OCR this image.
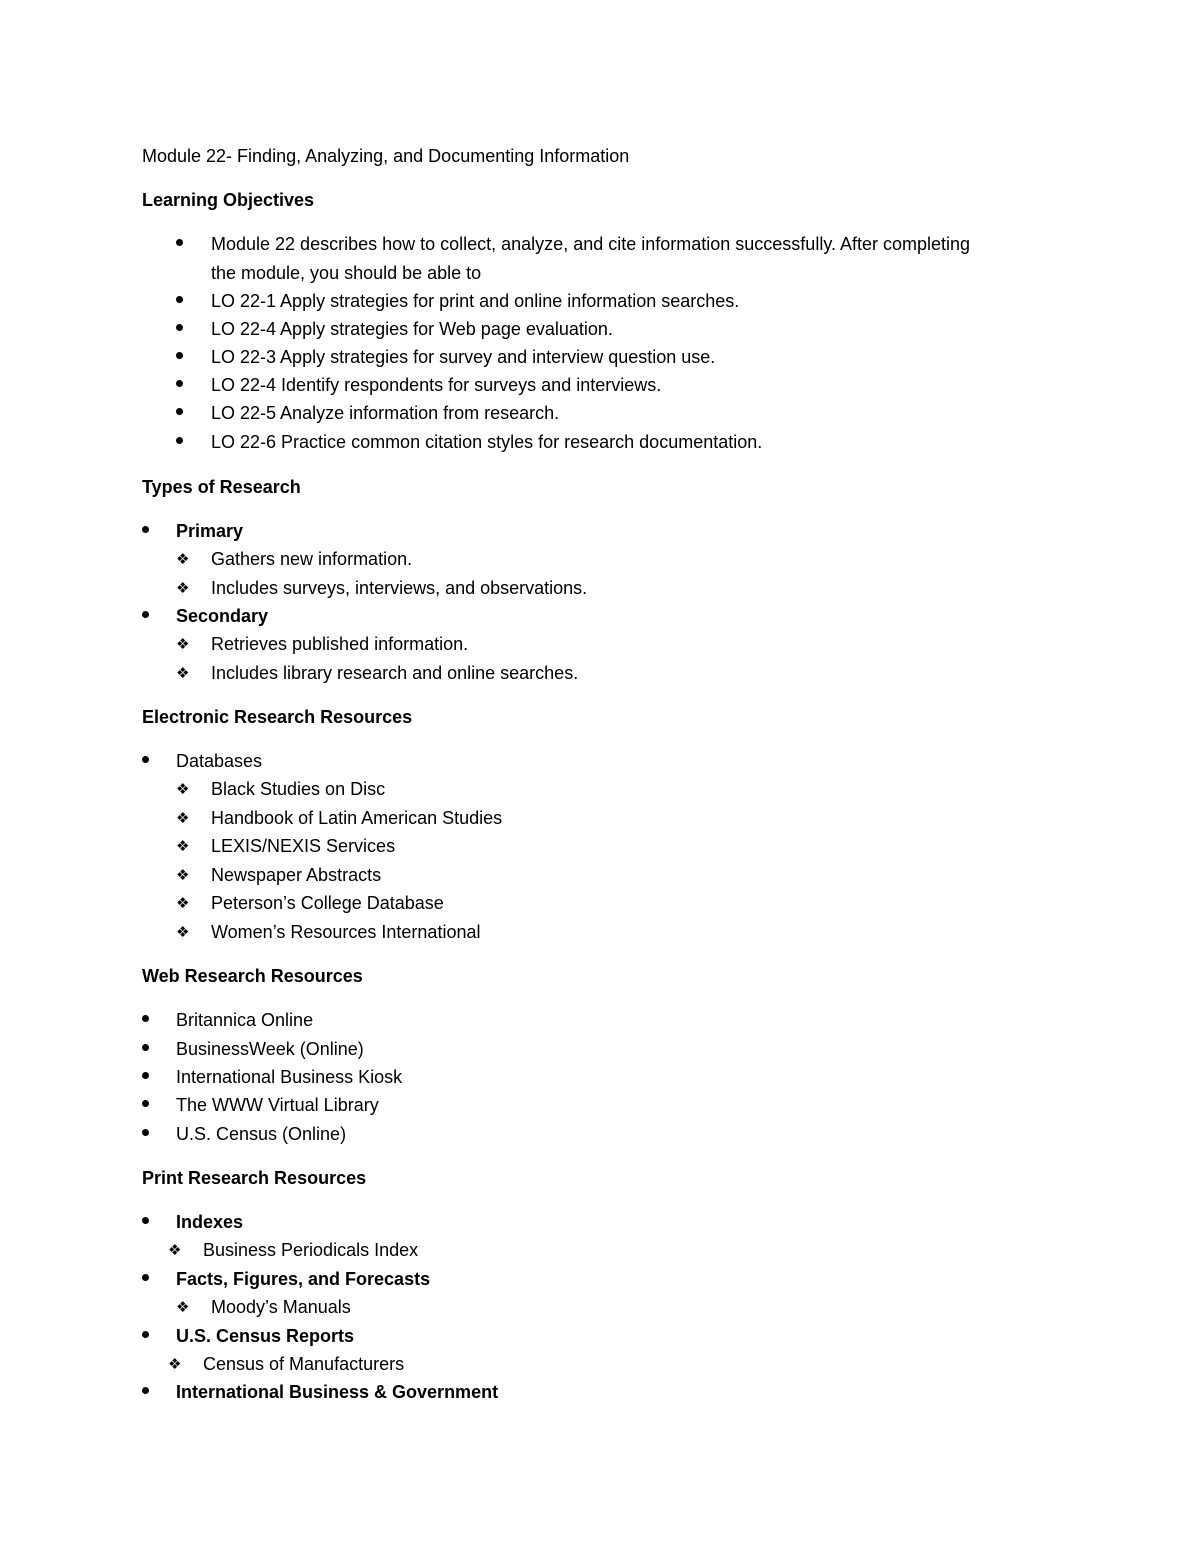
Module 22- Finding, Analyzing, and Documenting Information
Learning Objectives
Module 22 describes how to collect, analyze, and cite information successfully. After completing
the module, you should be able to
LO 22-1 Apply strategies for print and online information searches.
LO 22-4 Apply strategies for Web page evaluation.
LO 22-3 Apply strategies for survey and interview question use.
LO 22-4 Identify respondents for surveys and interviews.
LO 22-5 Analyze information from research.
LO 22-6 Practice common citation styles for research documentation.
Types of Research
Primary
❖ Gathers new information.
❖ Includes surveys, interviews, and observations.
Secondary
❖ Retrieves published information.
❖ Includes library research and online searches.
Electronic Research Resources
Databases
❖ Black Studies on Disc
❖ Handbook of Latin American Studies
❖ LEXIS/NEXIS Services
❖ Newspaper Abstracts
❖ Peterson’s College Database
❖ Women’s Resources International
Web Research Resources
Britannica Online
BusinessWeek (Online)
International Business Kiosk
The WWW Virtual Library
U.S. Census (Online)
Print Research Resources
Indexes
❖ Business Periodicals Index
Facts, Figures, and Forecasts
❖ Moody’s Manuals
U.S. Census Reports
❖ Census of Manufacturers
International Business & Government
